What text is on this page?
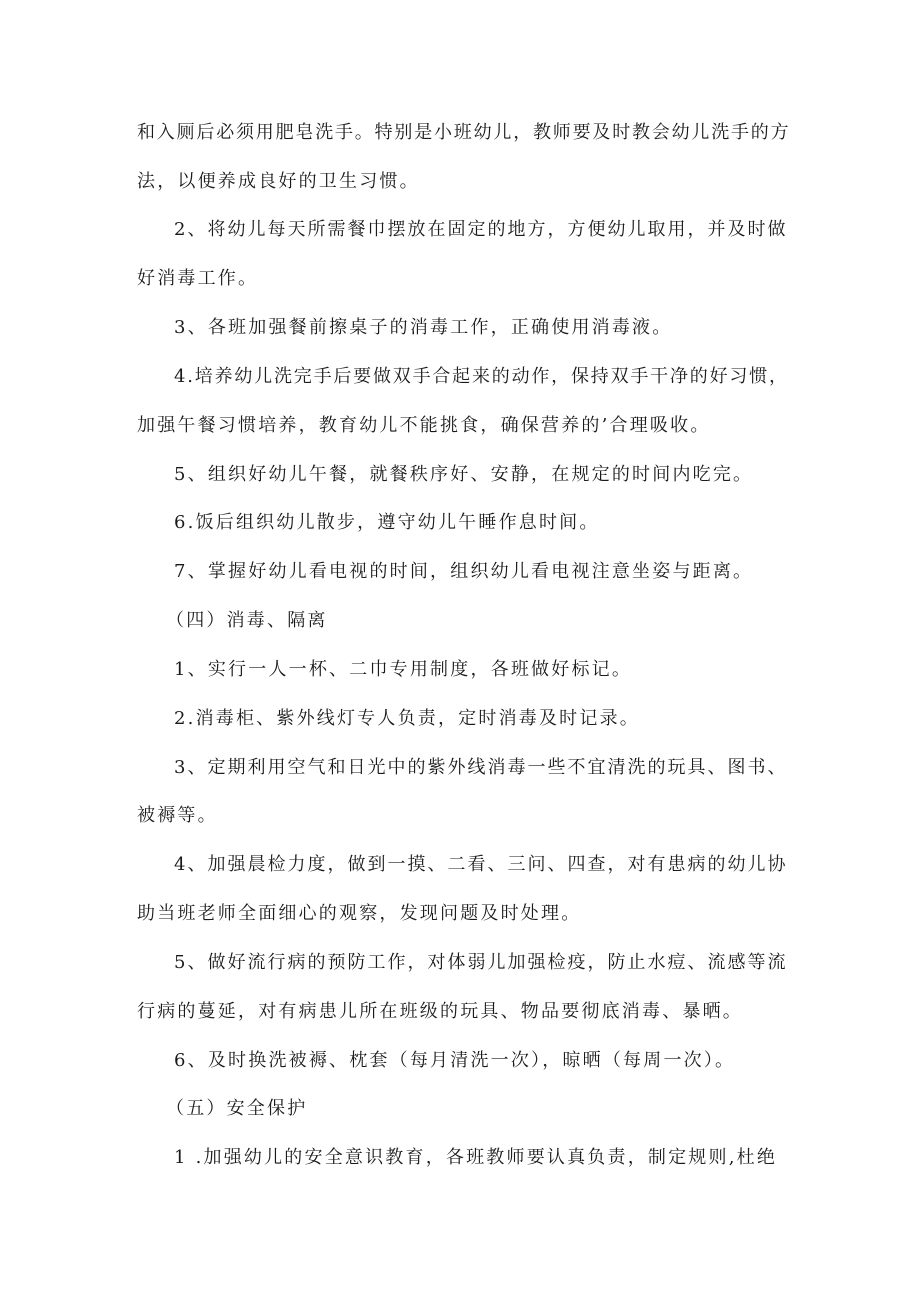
和入厕后必须用肥皂洗手。特别是小班幼儿，教师要及时教会幼儿洗手的方
法，以便养成良好的卫生习惯。
2、将幼儿每天所需餐巾摆放在固定的地方，方便幼儿取用，并及时做
好消毒工作。
3、各班加强餐前擦桌子的消毒工作，正确使用消毒液。
4.培养幼儿洗完手后要做双手合起来的动作，保持双手干净的好习惯，
加强午餐习惯培养，教育幼儿不能挑食，确保营养的’合理吸收。
5、组织好幼儿午餐，就餐秩序好、安静，在规定的时间内吃完。
6.饭后组织幼儿散步，遵守幼儿午睡作息时间。
7、掌握好幼儿看电视的时间，组织幼儿看电视注意坐姿与距离。
（四）消毒、隔离
1、实行一人一杯、二巾专用制度，各班做好标记。
2.消毒柜、紫外线灯专人负责，定时消毒及时记录。
3、定期利用空气和日光中的紫外线消毒一些不宜清洗的玩具、图书、
被褥等。
4、加强晨检力度，做到一摸、二看、三问、四查，对有患病的幼儿协
助当班老师全面细心的观察，发现问题及时处理。
5、做好流行病的预防工作，对体弱儿加强检疫，防止水痘、流感等流
行病的蔓延，对有病患儿所在班级的玩具、物品要彻底消毒、暴晒。
6、及时换洗被褥、枕套（每月清洗一次），晾晒（每周一次）。
（五）安全保护
1 .加强幼儿的安全意识教育，各班教师要认真负责，制定规则,杜绝
